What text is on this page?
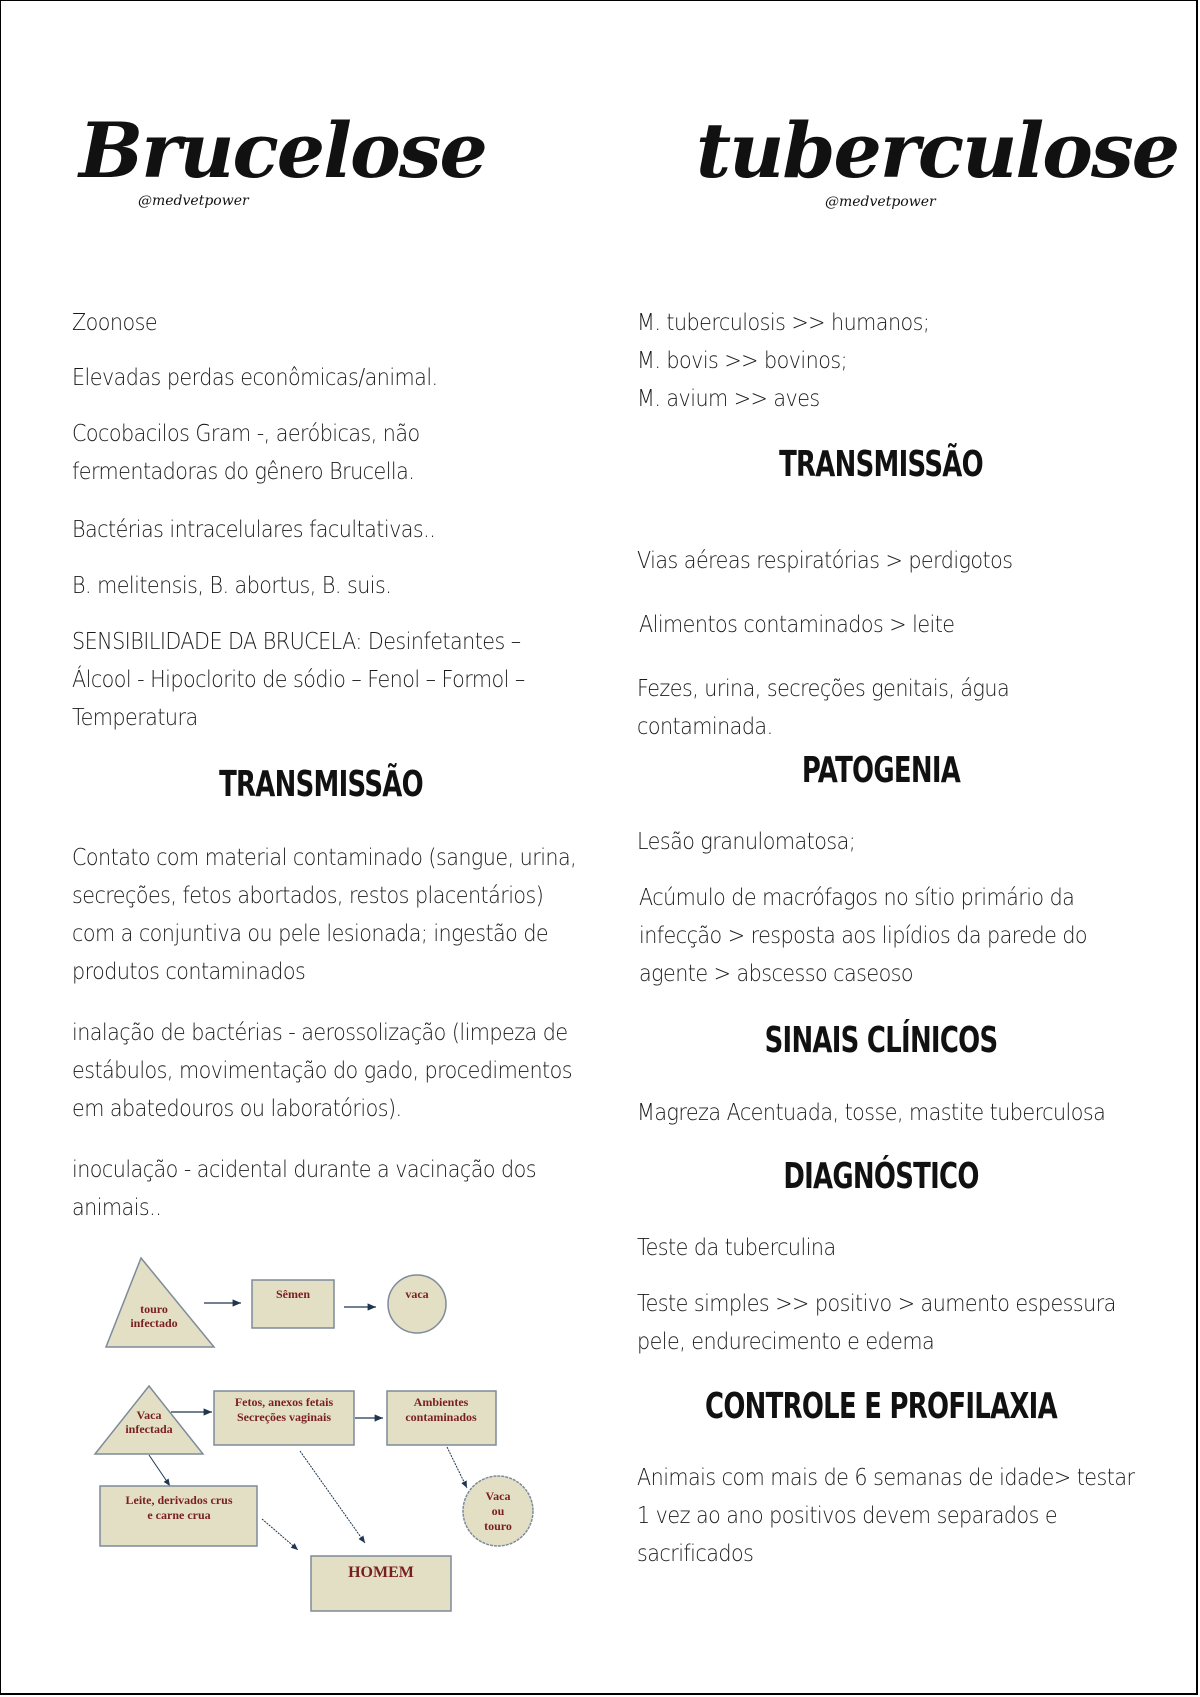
Brucelose
@medvetpower
tuberculose
@medvetpower

Zoonose

Elevadas perdas econômicas/animal.

Cocobacilos Gram -, aeróbicas, não

fermentadoras do gênero Brucella.

Bactérias intracelulares facultativas..

B. melitensis, B. abortus, B. suis.

SENSIBILIDADE DA BRUCELA: Desinfetantes –

Álcool - Hipoclorito de sódio – Fenol – Formol –

Temperatura

TRANSMISSÃO

Contato com material contaminado (sangue, urina,

secreções, fetos abortados, restos placentários)

com a conjuntiva ou pele lesionada; ingestão de

produtos contaminados

inalação de bactérias - aerossolização (limpeza de

estábulos, movimentação do gado, procedimentos

em abatedouros ou laboratórios).

inoculação - acidental durante a vacinação dos

animais..

touro
infectado
Sêmen	vaca
Vaca
infectada
Fetos, anexos fetais
Secreções vaginais
Ambientes
contaminados
Vaca
ou
touro
Leite, derivados crus
e carne crua
HOMEM

M. tuberculosis >> humanos;

M. bovis >> bovinos;

M. avium >> aves

TRANSMISSÃO

Vias aéreas respiratórias > perdigotos

Alimentos contaminados > leite

Fezes, urina, secreções genitais, água

contaminada.

PATOGENIA

Lesão granulomatosa;

Acúmulo de macrófagos no sítio primário da

infecção > resposta aos lipídios da parede do

agente > abscesso caseoso

SINAIS CLÍNICOS

Magreza Acentuada, tosse, mastite tuberculosa

DIAGNÓSTICO

Teste da tuberculina

Teste simples >> positivo > aumento espessura

pele, endurecimento e edema

CONTROLE E PROFILAXIA

Animais com mais de 6 semanas de idade> testar

1 vez ao ano positivos devem separados e

sacrificados
